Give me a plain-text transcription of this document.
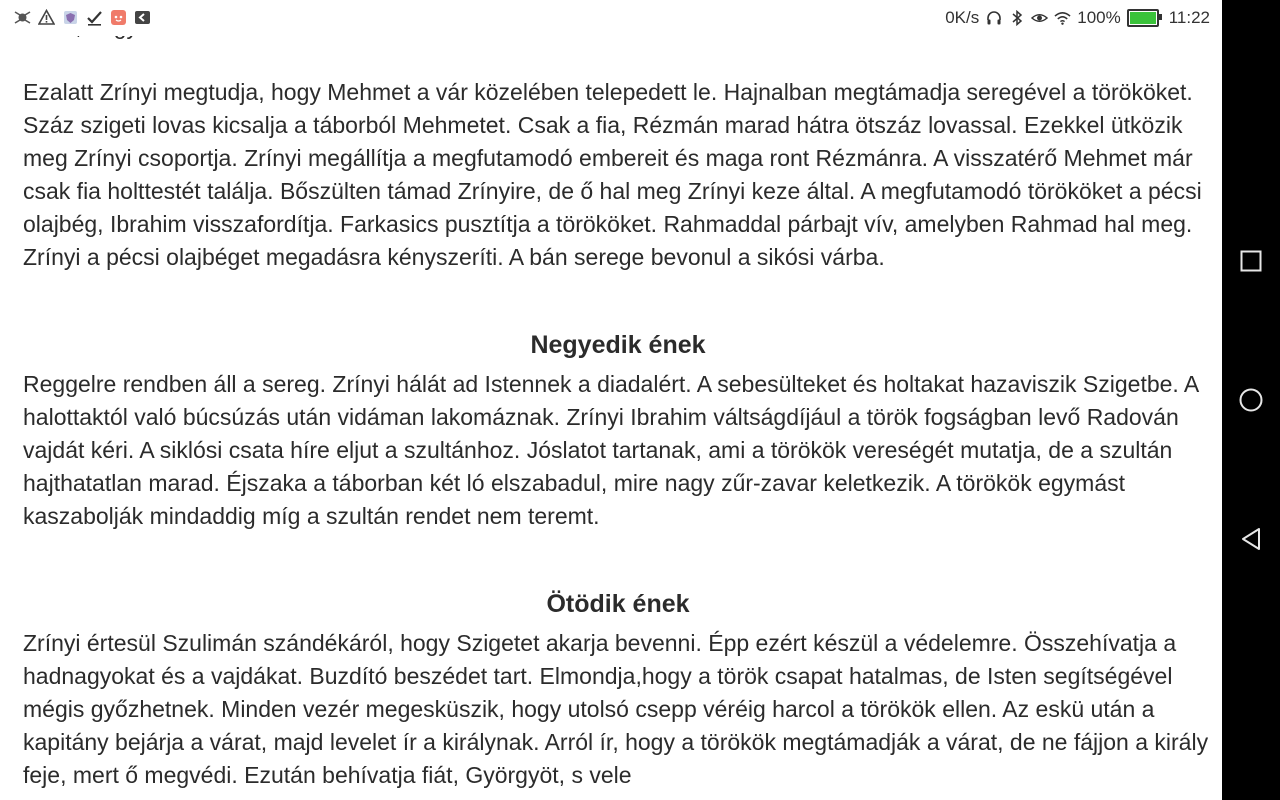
Ezalatt Zrínyi megtudja, hogy Mehmet a vár közelében telepedett le. Hajnalban megtámadja seregével a törököket. Száz szigeti lovas kicsalja a táborból Mehmetet. Csak a fia, Rézmán marad hátra ötszáz lovassal. Ezekkel ütközik meg Zrínyi csoportja. Zrínyi megállítja a megfutamodó embereit és maga ront Rézmánra. A visszatérő Mehmet már csak fia holttestét találja. Bőszülten támad Zrínyire, de ő hal meg Zrínyi keze által. A megfutamodó törököket a pécsi olajbég, Ibrahim visszafordítja. Farkasics pusztítja a törököket. Rahmaddal párbajt vív, amelyben Rahmad hal meg. Zrínyi a pécsi olajbéget megadásra kényszeríti. A bán serege bevonul a sikósi várba.

Negyedik ének

Reggelre rendben áll a sereg. Zrínyi hálát ad Istennek a diadalért. A sebesülteket és holtakat hazaviszik Szigetbe. A halottaktól való búcsúzás után vidáman lakomáznak. Zrínyi Ibrahim váltságdíjául a török fogságban levő Radován vajdát kéri. A siklósi csata híre eljut a szultánhoz. Jóslatot tartanak, ami a törökök vereségét mutatja, de a szultán hajthatatlan marad. Éjszaka a táborban két ló elszabadul, mire nagy zűr-zavar keletkezik. A törökök egymást kaszabolják mindaddig míg a szultán rendet nem teremt.

Ötödik ének

Zrínyi értesül Szulimán szándékáról, hogy Szigetet akarja bevenni. Épp ezért készül a védelemre. Összehívatja a hadnagyokat és a vajdákat. Buzdító beszédet tart. Elmondja,hogy a török csapat hatalmas, de Isten segítségével mégis győzhetnek. Minden vezér megesküszik, hogy utolsó csepp véréig harcol a törökök ellen. Az eskü után a kapitány bejárja a várat, majd levelet ír a királynak. Arról ír, hogy a törökök megtámadják a várat, de ne fájjon a király feje, mert ő megvédi. Ezután behívatja fiát, Györgyöt, s vele

0K/s	100%	11:22
